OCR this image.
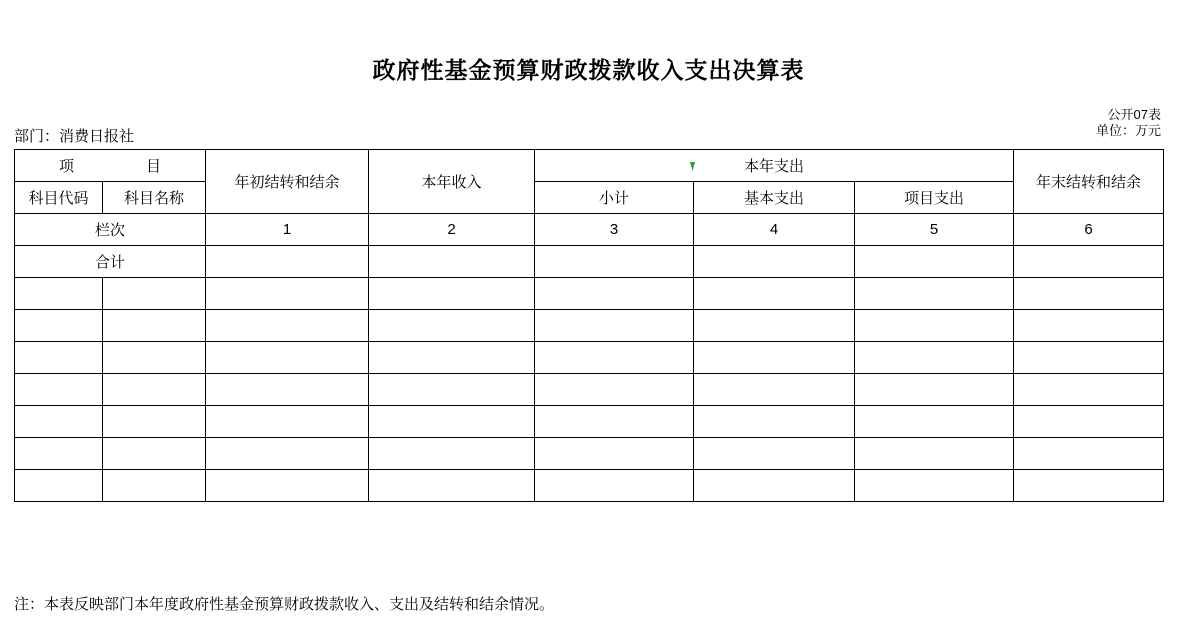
政府性基金预算财政拨款收入支出决算表
部门：消费日报社
公开07表
单位：万元
项　　目		年初结转和结余	本年收入	本年支出			年末结转和结余
科目代码	科目名称			小计	基本支出	项目支出	
栏次		1	2	3	4	5	6
合计							

注：本表反映部门本年度政府性基金预算财政拨款收入、支出及结转和结余情况。
